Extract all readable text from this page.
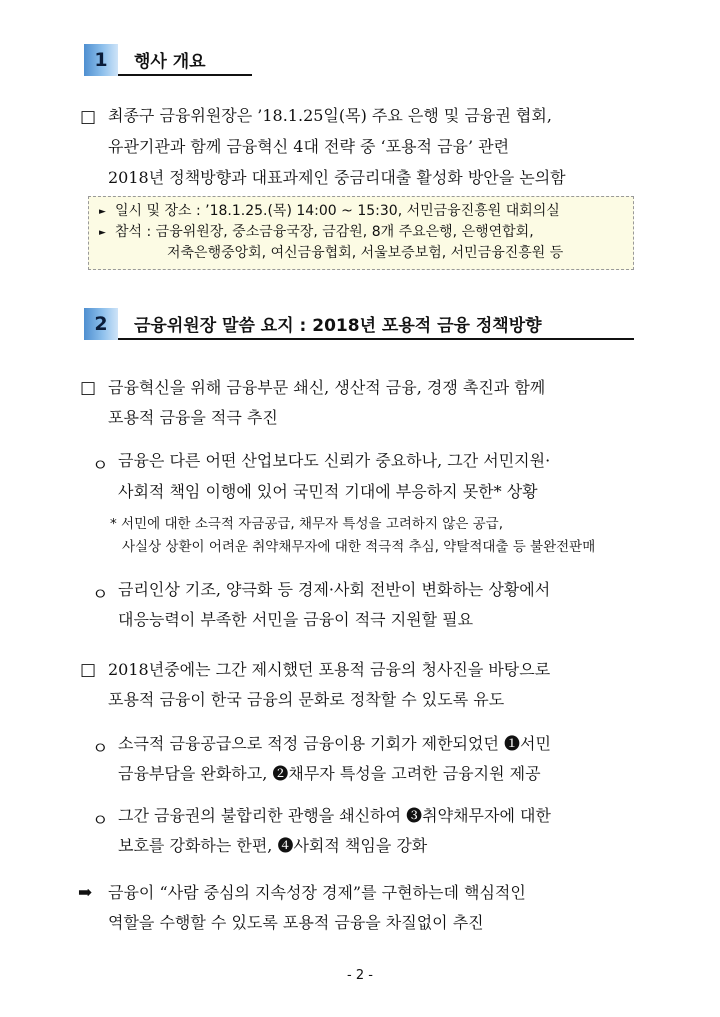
1	행사 개요
□ 최종구 금융위원장은 ’18.1.25일(목) 주요 은행 및 금융권 협회,
유관기관과 함께 금융혁신 4대 전략 중 ‘포용적 금융’ 관련
2018년 정책방향과 대표과제인 중금리대출 활성화 방안을 논의함
► 일시 및 장소 : ’18.1.25.(목) 14:00 ~ 15:30, 서민금융진흥원 대회의실
► 참석 : 금융위원장, 중소금융국장, 금감원, 8개 주요은행, 은행연합회,
저축은행중앙회, 여신금융협회, 서울보증보험, 서민금융진흥원 등
2	금융위원장 말씀 요지 : 2018년 포용적 금융 정책방향
□ 금융혁신을 위해 금융부문 쇄신, 생산적 금융, 경쟁 촉진과 함께
포용적 금융을 적극 추진
ㅇ 금융은 다른 어떤 산업보다도 신뢰가 중요하나, 그간 서민지원·
사회적 책임 이행에 있어 국민적 기대에 부응하지 못한* 상황
* 서민에 대한 소극적 자금공급, 채무자 특성을 고려하지 않은 공급,
사실상 상환이 어려운 취약채무자에 대한 적극적 추심, 약탈적대출 등 불완전판매
ㅇ 금리인상 기조, 양극화 등 경제·사회 전반이 변화하는 상황에서
대응능력이 부족한 서민을 금융이 적극 지원할 필요
□ 2018년중에는 그간 제시했던 포용적 금융의 청사진을 바탕으로
포용적 금융이 한국 금융의 문화로 정착할 수 있도록 유도
ㅇ 소극적 금융공급으로 적정 금융이용 기회가 제한되었던 ❶서민
금융부담을 완화하고, ❷채무자 특성을 고려한 금융지원 제공
ㅇ 그간 금융권의 불합리한 관행을 쇄신하여 ❸취약채무자에 대한
보호를 강화하는 한편, ❹사회적 책임을 강화
➡ 금융이 “사람 중심의 지속성장 경제”를 구현하는데 핵심적인
역할을 수행할 수 있도록 포용적 금융을 차질없이 추진
- 2 -
